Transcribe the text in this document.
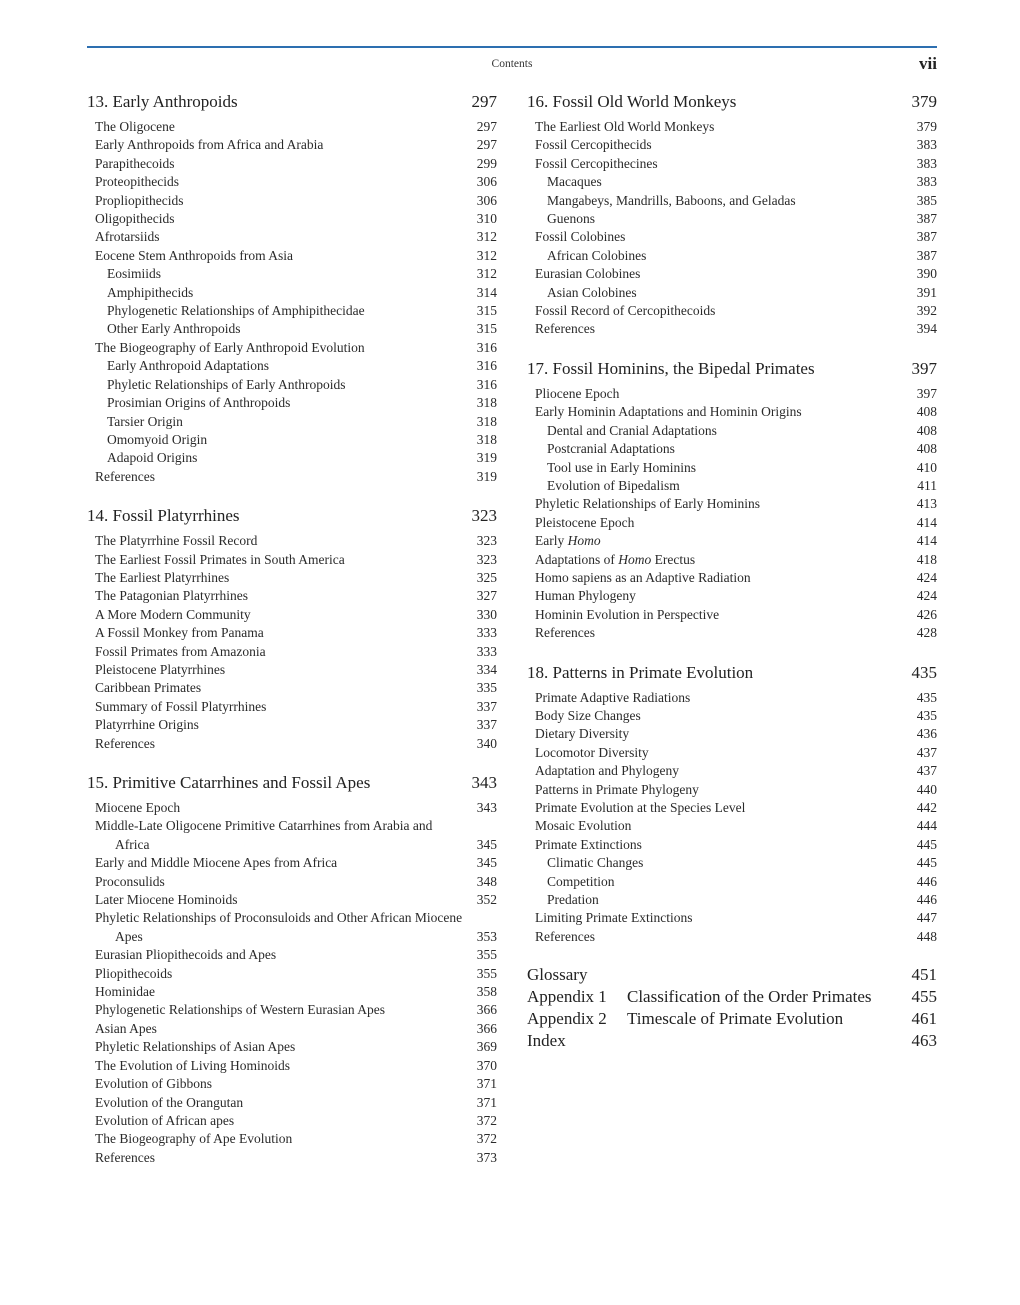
Contents	vii
13. Early Anthropoids	297
The Oligocene	297
Early Anthropoids from Africa and Arabia	297
Parapithecoids	299
Proteopithecids	306
Propliopithecids	306
Oligopithecids	310
Afrotarsiids	312
Eocene Stem Anthropoids from Asia	312
Eosimiids	312
Amphipithecids	314
Phylogenetic Relationships of Amphipithecidae	315
Other Early Anthropoids	315
The Biogeography of Early Anthropoid Evolution	316
Early Anthropoid Adaptations	316
Phyletic Relationships of Early Anthropoids	316
Prosimian Origins of Anthropoids	318
Tarsier Origin	318
Omomyoid Origin	318
Adapoid Origins	319
References	319
14. Fossil Platyrrhines	323
The Platyrrhine Fossil Record	323
The Earliest Fossil Primates in South America	323
The Earliest Platyrrhines	325
The Patagonian Platyrrhines	327
A More Modern Community	330
A Fossil Monkey from Panama	333
Fossil Primates from Amazonia	333
Pleistocene Platyrrhines	334
Caribbean Primates	335
Summary of Fossil Platyrrhines	337
Platyrrhine Origins	337
References	340
15. Primitive Catarrhines and Fossil Apes	343
Miocene Epoch	343
Middle-Late Oligocene Primitive Catarrhines from Arabia and Africa	345
Early and Middle Miocene Apes from Africa	345
Proconsulids	348
Later Miocene Hominoids	352
Phyletic Relationships of Proconsuloids and Other African Miocene Apes	353
Eurasian Pliopithecoids and Apes	355
Pliopithecoids	355
Hominidae	358
Phylogenetic Relationships of Western Eurasian Apes	366
Asian Apes	366
Phyletic Relationships of Asian Apes	369
The Evolution of Living Hominoids	370
Evolution of Gibbons	371
Evolution of the Orangutan	371
Evolution of African apes	372
The Biogeography of Ape Evolution	372
References	373
16. Fossil Old World Monkeys	379
The Earliest Old World Monkeys	379
Fossil Cercopithecids	383
Fossil Cercopithecines	383
Macaques	383
Mangabeys, Mandrills, Baboons, and Geladas	385
Guenons	387
Fossil Colobines	387
African Colobines	387
Eurasian Colobines	390
Asian Colobines	391
Fossil Record of Cercopithecoids	392
References	394
17. Fossil Hominins, the Bipedal Primates	397
Pliocene Epoch	397
Early Hominin Adaptations and Hominin Origins	408
Dental and Cranial Adaptations	408
Postcranial Adaptations	408
Tool use in Early Hominins	410
Evolution of Bipedalism	411
Phyletic Relationships of Early Hominins	413
Pleistocene Epoch	414
Early Homo	414
Adaptations of Homo Erectus	418
Homo sapiens as an Adaptive Radiation	424
Human Phylogeny	424
Hominin Evolution in Perspective	426
References	428
18. Patterns in Primate Evolution	435
Primate Adaptive Radiations	435
Body Size Changes	435
Dietary Diversity	436
Locomotor Diversity	437
Adaptation and Phylogeny	437
Patterns in Primate Phylogeny	440
Primate Evolution at the Species Level	442
Mosaic Evolution	444
Primate Extinctions	445
Climatic Changes	445
Competition	446
Predation	446
Limiting Primate Extinctions	447
References	448
Glossary	451
Appendix 1	Classification of the Order Primates	455
Appendix 2	Timescale of Primate Evolution	461
Index	463
